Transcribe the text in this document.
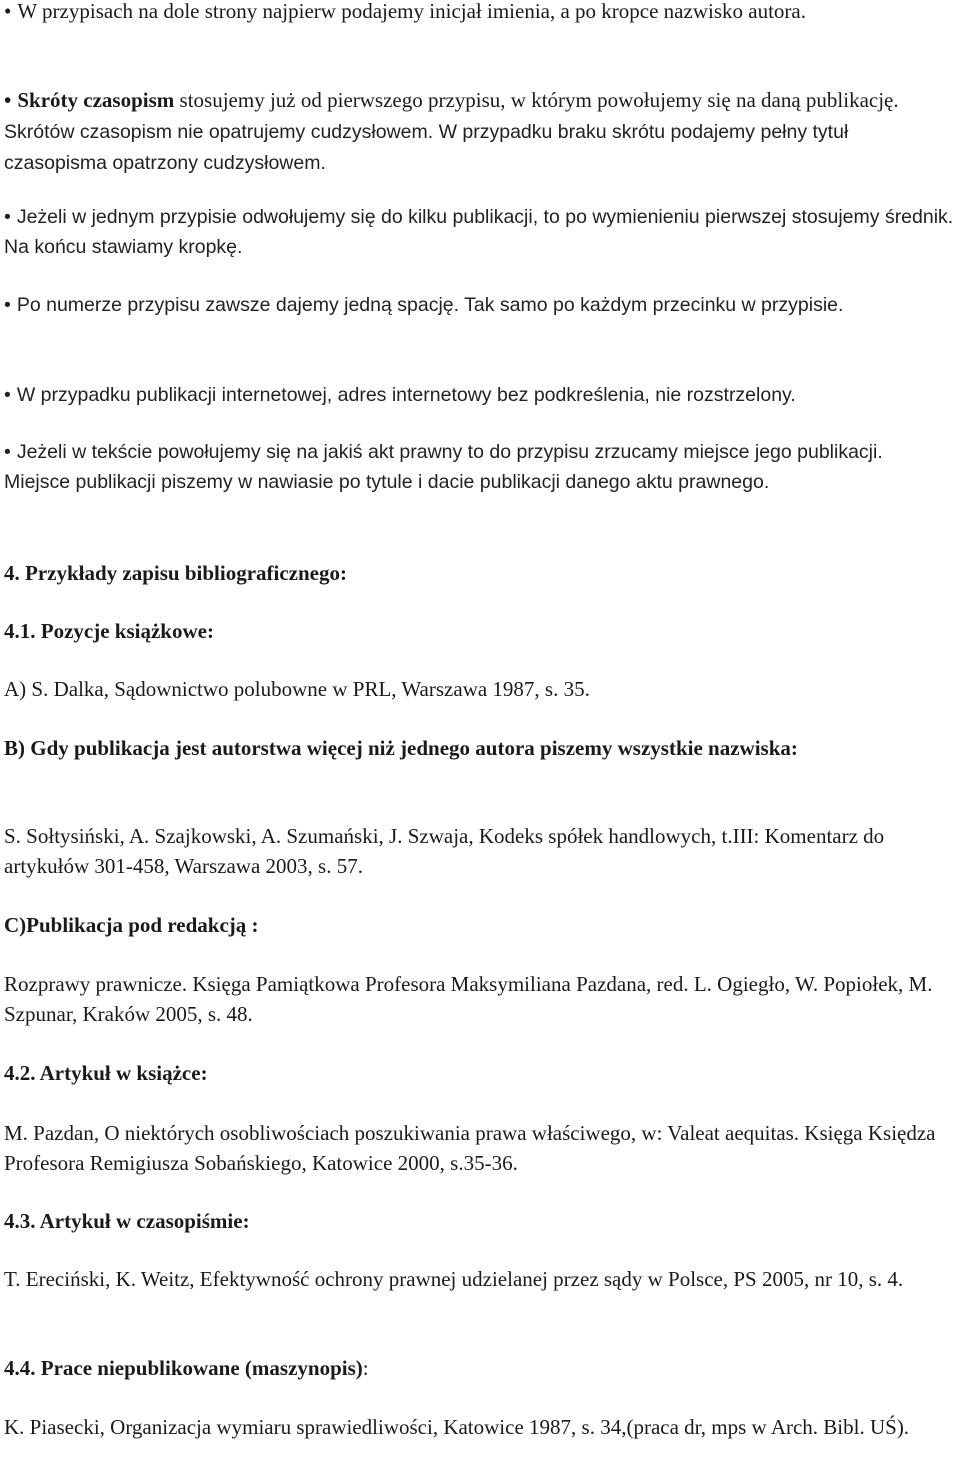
• W przypisach na dole strony najpierw podajemy inicjał imienia, a po kropce nazwisko autora.

• Skróty czasopism stosujemy już od pierwszego przypisu, w którym powołujemy się na daną publikację. Skrótów czasopism nie opatrujemy cudzysłowem. W przypadku braku skrótu podajemy pełny tytuł czasopisma opatrzony cudzysłowem.

• Jeżeli w jednym przypisie odwołujemy się do kilku publikacji, to po wymienieniu pierwszej stosujemy średnik. Na końcu stawiamy kropkę.

• Po numerze przypisu zawsze dajemy jedną spację. Tak samo po każdym przecinku w przypisie.

• W przypadku publikacji internetowej, adres internetowy bez podkreślenia, nie rozstrzelony.

• Jeżeli w tekście powołujemy się na jakiś akt prawny to do przypisu zrzucamy miejsce jego publikacji. Miejsce publikacji piszemy w nawiasie po tytule i dacie publikacji danego aktu prawnego.

4. Przykłady zapisu bibliograficznego:

4.1. Pozycje książkowe:

A) S. Dalka, Sądownictwo polubowne w PRL, Warszawa 1987, s. 35.

B) Gdy publikacja jest autorstwa więcej niż jednego autora piszemy wszystkie nazwiska:

S. Sołtysiński, A. Szajkowski, A. Szumański, J. Szwaja, Kodeks spółek handlowych, t.III: Komentarz do artykułów 301-458, Warszawa 2003, s. 57.

C)Publikacja pod redakcją :

Rozprawy prawnicze. Księga Pamiątkowa Profesora Maksymiliana Pazdana, red. L. Ogiegło, W. Popiołek, M. Szpunar, Kraków 2005, s. 48.

4.2. Artykuł w książce:

M. Pazdan, O niektórych osobliwościach poszukiwania prawa właściwego, w: Valeat aequitas. Księga Księdza Profesora Remigiusza Sobańskiego, Katowice 2000, s.35-36.

4.3. Artykuł w czasopiśmie:

T. Ereciński, K. Weitz, Efektywność ochrony prawnej udzielanej przez sądy w Polsce, PS 2005, nr 10, s. 4.

4.4. Prace niepublikowane (maszynopis):

K. Piasecki, Organizacja wymiaru sprawiedliwości, Katowice 1987, s. 34,(praca dr, mps w Arch. Bibl. UŚ).
